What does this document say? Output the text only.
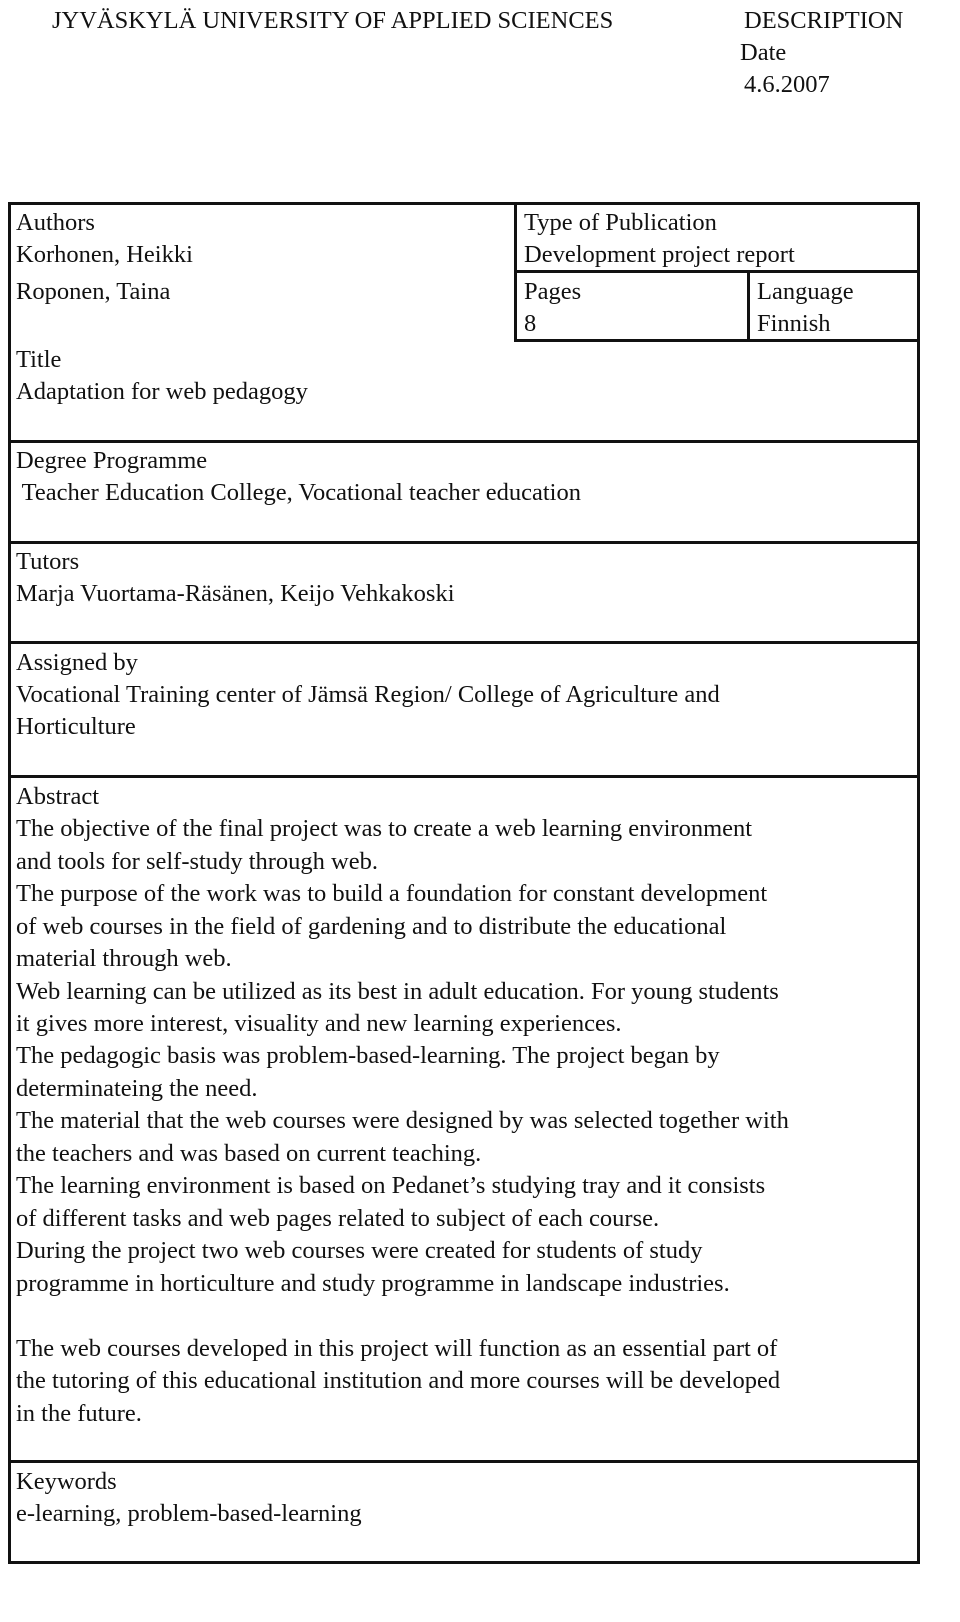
JYVÄSKYLÄ UNIVERSITY OF APPLIED SCIENCES	DESCRIPTION
Date
4.6.2007
Authors
Korhonen, Heikki
Roponen, Taina
Type of Publication
Development project report
Pages
8
Language
Finnish
Title
Adaptation for web pedagogy
Degree Programme
Teacher Education College, Vocational teacher education
Tutors
Marja Vuortama-Räsänen, Keijo Vehkakoski
Assigned by
Vocational Training center of Jämsä Region/ College of Agriculture and
Horticulture
Abstract
The objective of the final project was to create a web learning environment
and tools for self-study through web.
The purpose of the work was to build a foundation for constant development
of web courses in the field of gardening and to distribute the educational
material through web.
Web learning can be utilized as its best in adult education. For young students
it gives more interest, visuality and new learning experiences.
The pedagogic basis was problem-based-learning. The project began by
determinateing the need.
The material that the web courses were designed by was selected together with
the teachers and was based on current teaching.
The learning environment is based on Pedanet’s studying tray and it consists
of different tasks and web pages related to subject of each course.
During the project two web courses were created for students of study
programme in horticulture and study programme in landscape industries.
The web courses developed in this project will function as an essential part of
the tutoring of this educational institution and more courses will be developed
in the future.
Keywords
e-learning, problem-based-learning
